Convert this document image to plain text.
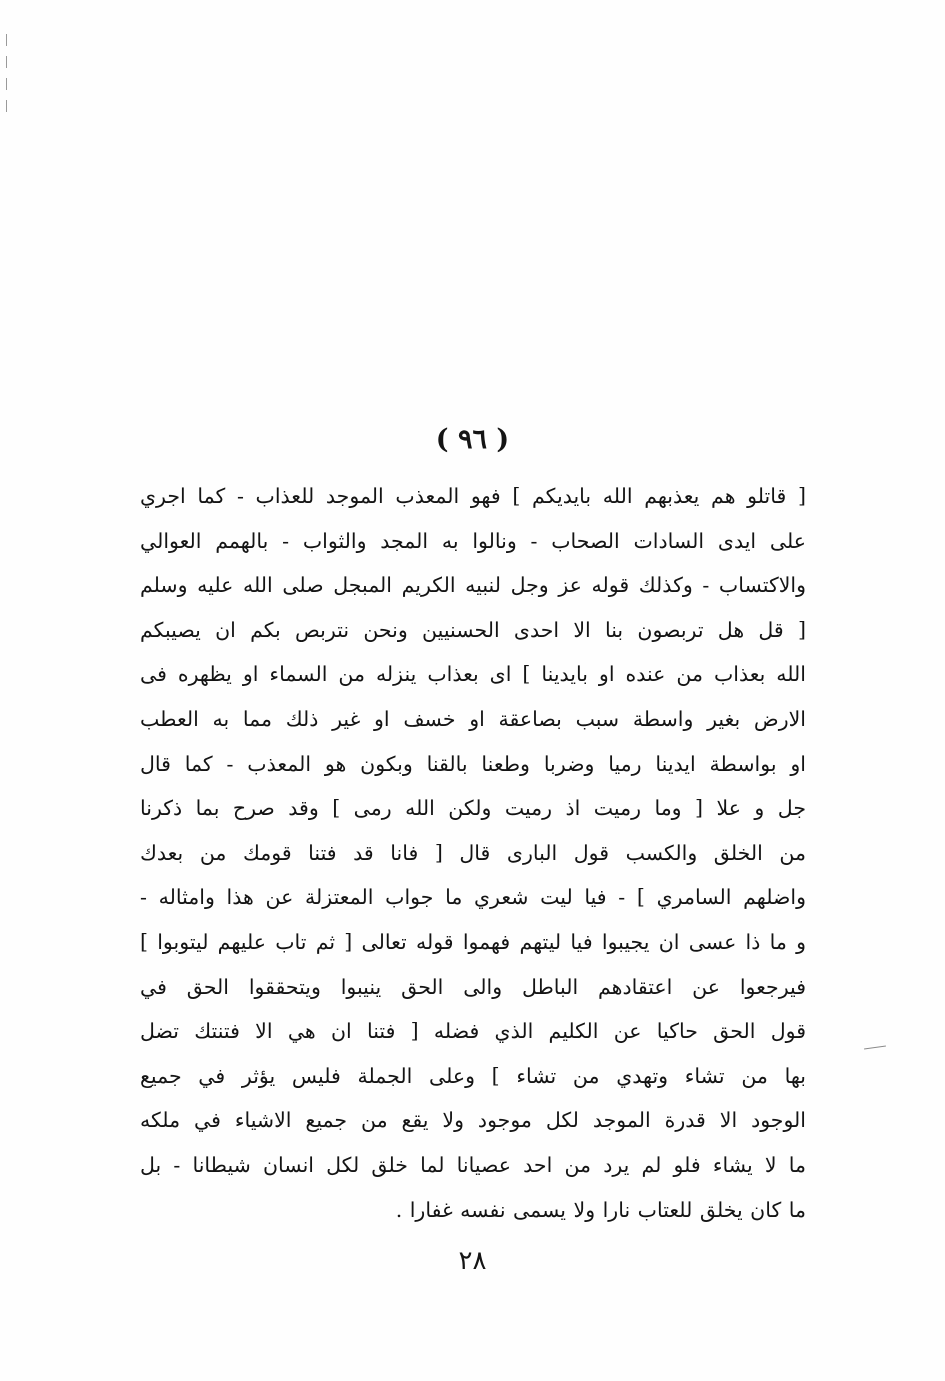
( ٩٦ )
[ قاتلو هم يعذبهم الله بايديكم ] فهو المعذب الموجد للعذاب - كما اجري
على ايدى السادات الصحاب - ونالوا به المجد والثواب - بالهمم العوالي
والاكتساب - وكذلك قوله عز وجل لنبيه الكريم المبجل صلى الله عليه وسلم
[ قل هل تربصون بنا الا احدى الحسنيين ونحن نتربص بكم ان يصيبكم
الله بعذاب من عنده او بايدينا ] اى بعذاب ينزله من السماء او يظهره فى
الارض بغير واسطة سبب بصاعقة او خسف او غير ذلك مما به العطب
او بواسطة ايدينا رميا وضربا وطعنا بالقنا وبكون هو المعذب - كما قال
جل و علا [ وما رميت اذ رميت ولكن الله رمى ] وقد صرح بما ذكرنا
من الخلق والكسب قول البارى قال [ فانا قد فتنا قومك من بعدك
واضلهم السامري ] - فيا ليت شعري ما جواب المعتزلة عن هذا وامثاله -
و ما ذا عسى ان يجيبوا فيا ليتهم فهموا قوله تعالى [ ثم تاب عليهم ليتوبوا ]
فيرجعوا عن اعتقادهم الباطل والى الحق ينيبوا ويتحققوا الحق في
قول الحق حاكيا عن الكليم الذي فضله [ فتنا ان هي الا فتنتك تضل
بها من تشاء وتهدي من تشاء ] وعلى الجملة فليس يؤثر في جميع
الوجود الا قدرة الموجد لكل موجود ولا يقع من جميع الاشياء في ملكه
ما لا يشاء فلو لم يرد من احد عصيانا لما خلق لكل انسان شيطانا - بل
ما كان يخلق للعتاب نارا ولا يسمى نفسه غفارا .
٢٨
